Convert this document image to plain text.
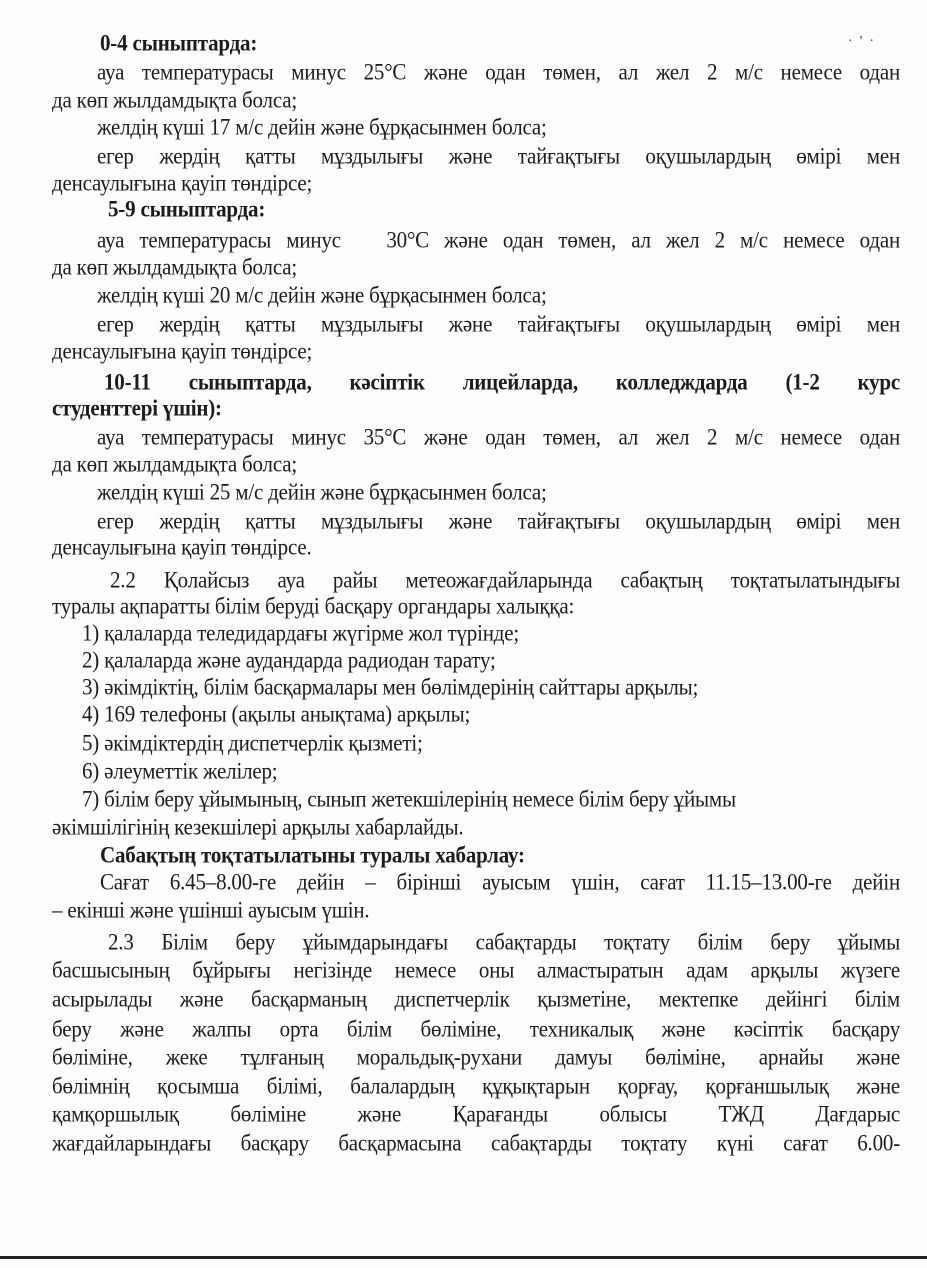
·ʼ·
0-4 сыныптарда:
ауа температурасы минус 25°С және одан төмен, ал жел 2 м/с немесе одан
да көп жылдамдықта болса;
желдің күші 17 м/с дейін және бұрқасынмен болса;
егер жердің қатты мұздылығы және тайғақтығы оқушылардың өмірі мен
денсаулығына қауіп төндірсе;
5-9 сыныптарда:
ауа температурасы минус   30°С және одан төмен, ал жел 2 м/с немесе одан
да көп жылдамдықта болса;
желдің күші 20 м/с дейін және бұрқасынмен болса;
егер жердің қатты мұздылығы және тайғақтығы оқушылардың өмірі мен
денсаулығына қауіп төндірсе;
10-11 сыныптарда, кәсіптік лицейларда, колледждарда (1-2 курс
студенттері үшін):
ауа температурасы минус 35°С және одан төмен, ал жел 2 м/с немесе одан
да көп жылдамдықта болса;
желдің күші 25 м/с дейін және бұрқасынмен болса;
егер жердің қатты мұздылығы және тайғақтығы оқушылардың өмірі мен
денсаулығына қауіп төндірсе.
2.2 Қолайсыз ауа райы метеожағдайларында сабақтың тоқтатылатындығы
туралы ақпаратты білім берудi басқару органдары халыққа:
1) қалаларда теледидардағы жүгірме жол түрінде;
2) қалаларда және аудандарда радиодан тарату;
3) әкімдіктің, білім басқармалары мен бөлімдерінің сайттары арқылы;
4) 169 телефоны (ақылы анықтама) арқылы;
5) әкімдіктердің диспетчерлік қызметі;
6) әлеуметтік желілер;
7) білім беру ұйымының, сынып жетекшілерінің немесе білім беру ұйымы
әкімшілігінің кезекшілері арқылы хабарлайды.
Сабақтың тоқтатылатыны туралы хабарлау:
Сағат 6.45–8.00-ге дейін – бірінші ауысым үшін, сағат 11.15–13.00-ге дейін
– екінші және үшінші ауысым үшін.
2.3 Білім беру ұйымдарындағы сабақтарды тоқтату білім беру ұйымы
басшысының бұйрығы негізінде немесе оны алмастыратын адам арқылы жүзеге
асырылады және басқарманың диспетчерлік қызметіне, мектепке дейінгі білім
беру және жалпы орта білім бөліміне, техникалық және кәсіптік басқару
бөліміне, жеке тұлғаның моральдық-рухани дамуы бөліміне, арнайы және
бөлімнің қосымша білімі, балалардың құқықтарын қорғау, қорғаншылық және
қамқоршылық бөліміне және Қарағанды облысы ТЖД Дағдарыс
жағдайларындағы басқару басқармасына сабақтарды тоқтату күні сағат 6.00-
